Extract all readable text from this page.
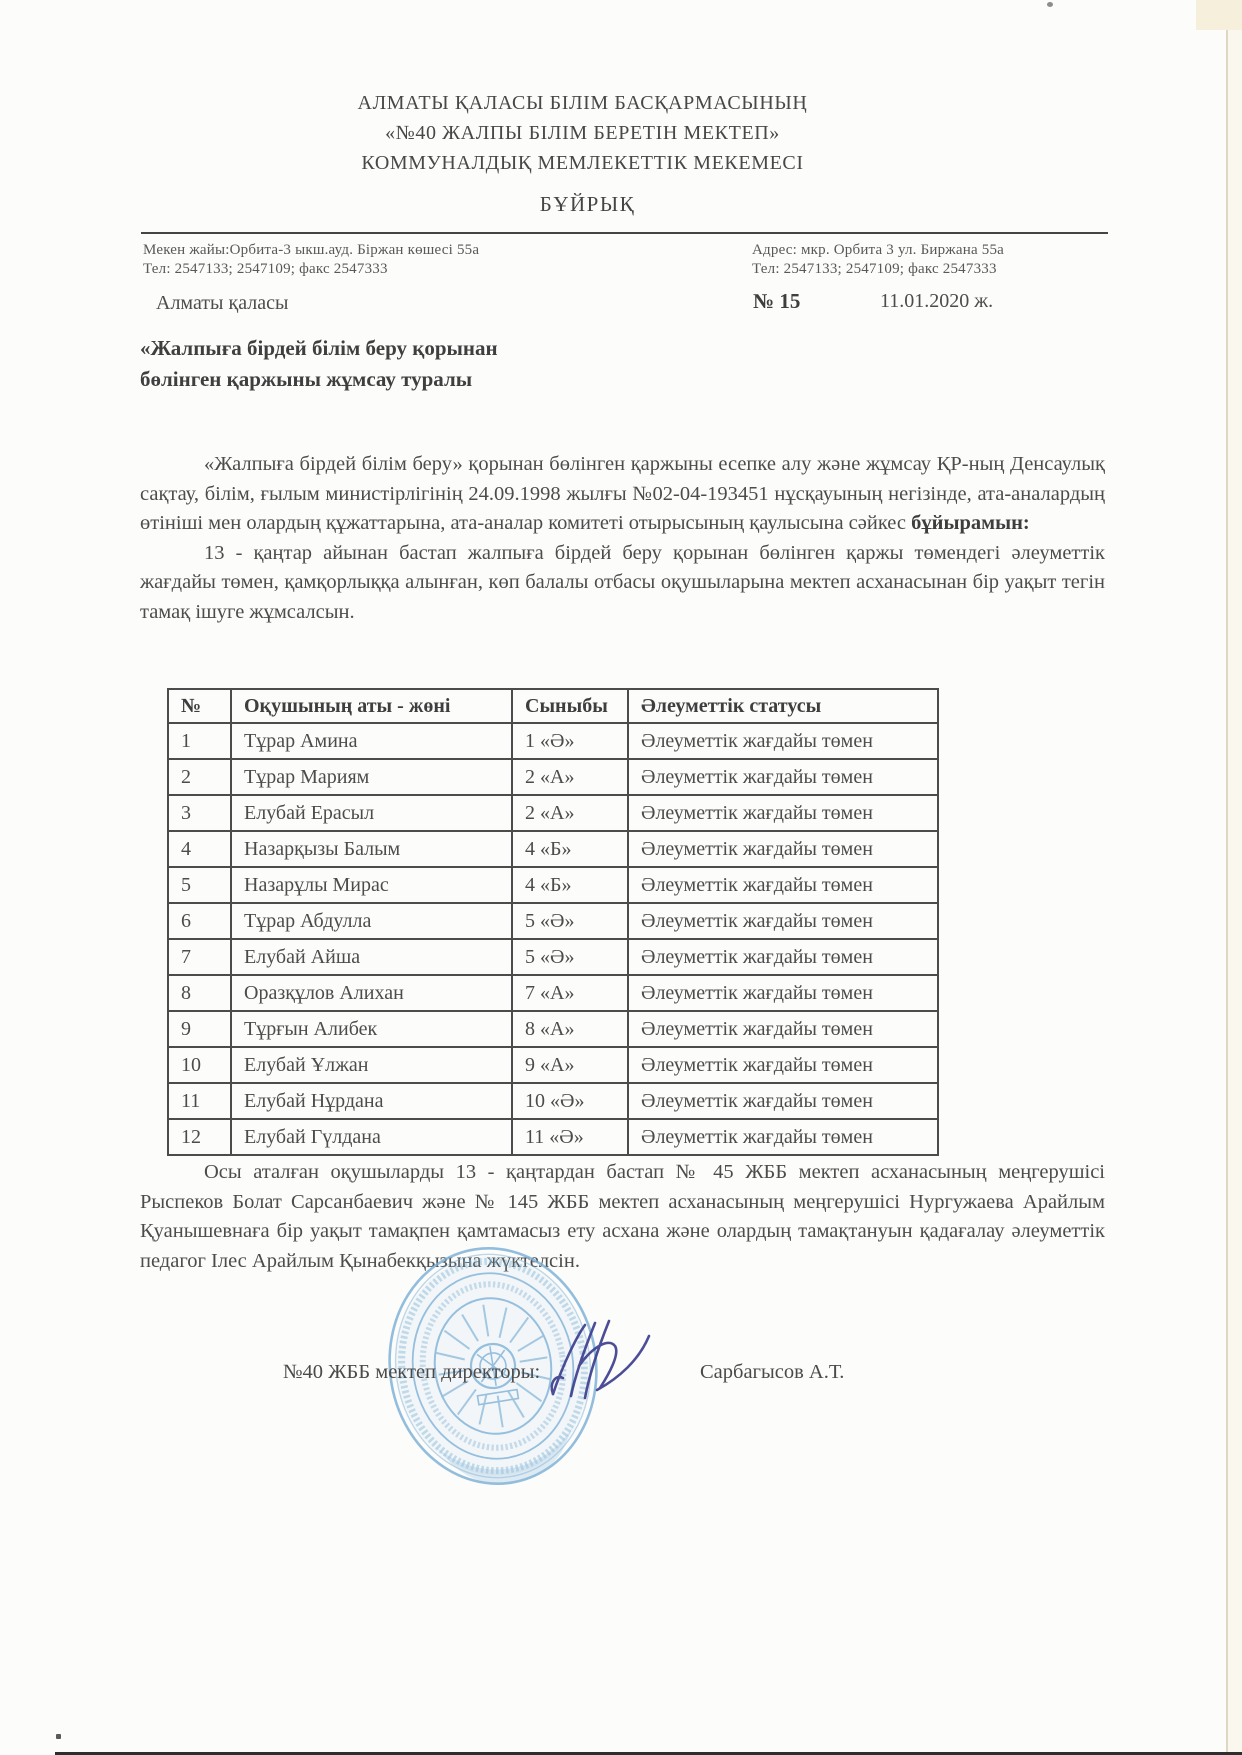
АЛМАТЫ ҚАЛАСЫ БІЛІМ БАСҚАРМАСЫНЫҢ
«№40 ЖАЛПЫ БІЛІМ БЕРЕТІН МЕКТЕП»
КОММУНАЛДЫҚ МЕМЛЕКЕТТІК МЕКЕМЕСІ
БҰЙРЫҚ
Мекен жайы:Орбита-3 ыкш.ауд. Біржан көшесі 55а
Тел: 2547133; 2547109; факс 2547333
Адрес: мкр. Орбита 3 ул. Биржана 55а
Тел: 2547133; 2547109; факс 2547333
Алматы қаласы	№ 15	11.01.2020 ж.
«Жалпыға бірдей білім беру қорынан
бөлінген қаржыны жұмсау туралы

«Жалпыға бірдей білім беру» қорынан бөлінген қаржыны есепке алу және жұмсау ҚР-ның Денсаулық сақтау, білім, ғылым министірлігінің 24.09.1998 жылғы №02-04-193451 нұсқауының негізінде, ата-аналардың өтініші мен олардың құжаттарына, ата-аналар комитеті отырысының қаулысына сәйкес бұйырамын:

13 - қаңтар айынан бастап жалпыға бірдей беру қорынан бөлінген қаржы төмендегі әлеуметтік жағдайы төмен, қамқорлыққа алынған, көп балалы отбасы оқушыларына мектеп асханасынан бір уақыт тегін тамақ ішуге жұмсалсын.

№	Оқушының аты - жөні	Сыныбы	Әлеуметтік статусы
1	Тұрар Амина	1 «Ә»	Әлеуметтік жағдайы төмен
2	Тұрар Мариям	2 «А»	Әлеуметтік жағдайы төмен
3	Елубай Ерасыл	2 «А»	Әлеуметтік жағдайы төмен
4	Назарқызы Балым	4 «Б»	Әлеуметтік жағдайы төмен
5	Назарұлы Мирас	4 «Б»	Әлеуметтік жағдайы төмен
6	Тұрар Абдулла	5 «Ә»	Әлеуметтік жағдайы төмен
7	Елубай Айша	5 «Ә»	Әлеуметтік жағдайы төмен
8	Оразқұлов Алихан	7 «А»	Әлеуметтік жағдайы төмен
9	Тұрғын Алибек	8 «А»	Әлеуметтік жағдайы төмен
10	Елубай Ұлжан	9 «А»	Әлеуметтік жағдайы төмен
11	Елубай Нұрдана	10 «Ә»	Әлеуметтік жағдайы төмен
12	Елубай Гүлдана	11 «Ә»	Әлеуметтік жағдайы төмен

Осы аталған оқушыларды 13 - қаңтардан бастап № 45 ЖББ мектеп асханасының меңгерушісі Рыспеков Болат Сарсанбаевич және № 145 ЖББ мектеп асханасының меңгерушісі Нургужаева Арайлым Қуанышевнаға бір уақыт тамақпен қамтамасыз ету асхана және олардың тамақтануын қадағалау әлеуметтік педагог Ілес Арайлым Қынабекқызына жүктелсін.

№40 ЖББ мектеп директоры:	Сарбагысов А.Т.
